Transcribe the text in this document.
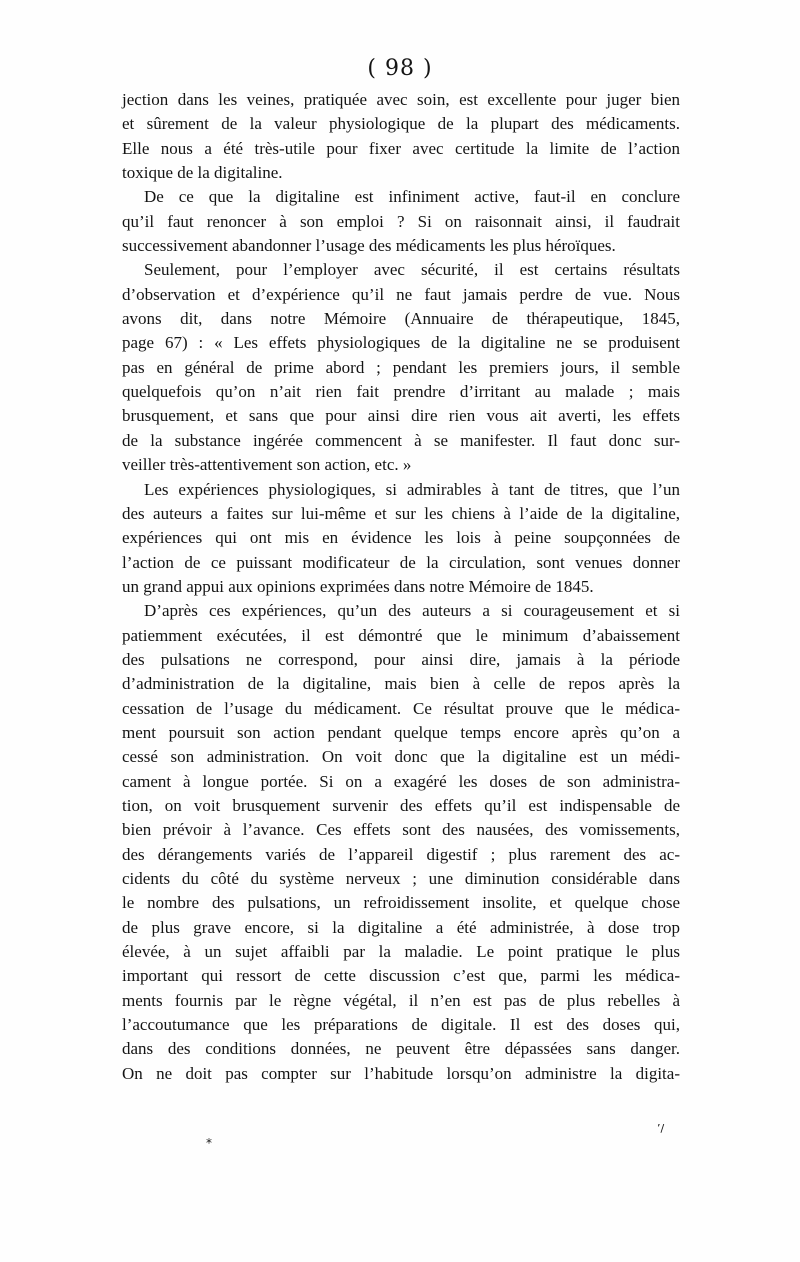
( 98 )
jection dans les veines, pratiquée avec soin, est excellente pour juger bien
et sûrement de la valeur physiologique de la plupart des médicaments.
Elle nous a été très-utile pour fixer avec certitude la limite de l’action
toxique de la digitaline.
De ce que la digitaline est infiniment active, faut-il en conclure
qu’il faut renoncer à son emploi ? Si on raisonnait ainsi, il faudrait
successivement abandonner l’usage des médicaments les plus héroïques.
Seulement, pour l’employer avec sécurité, il est certains résultats
d’observation et d’expérience qu’il ne faut jamais perdre de vue. Nous
avons dit, dans notre Mémoire (Annuaire de thérapeutique, 1845,
page 67) : « Les effets physiologiques de la digitaline ne se produisent
pas en général de prime abord ; pendant les premiers jours, il semble
quelquefois qu’on n’ait rien fait prendre d’irritant au malade ; mais
brusquement, et sans que pour ainsi dire rien vous ait averti, les effets
de la substance ingérée commencent à se manifester. Il faut donc sur-
veiller très-attentivement son action, etc. »
Les expériences physiologiques, si admirables à tant de titres, que l’un
des auteurs a faites sur lui-même et sur les chiens à l’aide de la digitaline,
expériences qui ont mis en évidence les lois à peine soupçonnées de
l’action de ce puissant modificateur de la circulation, sont venues donner
un grand appui aux opinions exprimées dans notre Mémoire de 1845.
D’après ces expériences, qu’un des auteurs a si courageusement et si
patiemment exécutées, il est démontré que le minimum d’abaissement
des pulsations ne correspond, pour ainsi dire, jamais à la période
d’administration de la digitaline, mais bien à celle de repos après la
cessation de l’usage du médicament. Ce résultat prouve que le médica-
ment poursuit son action pendant quelque temps encore après qu’on a
cessé son administration. On voit donc que la digitaline est un médi-
cament à longue portée. Si on a exagéré les doses de son administra-
tion, on voit brusquement survenir des effets qu’il est indispensable de
bien prévoir à l’avance. Ces effets sont des nausées, des vomissements,
des dérangements variés de l’appareil digestif ; plus rarement des ac-
cidents du côté du système nerveux ; une diminution considérable dans
le nombre des pulsations, un refroidissement insolite, et quelque chose
de plus grave encore, si la digitaline a été administrée, à dose trop
élevée, à un sujet affaibli par la maladie. Le point pratique le plus
important qui ressort de cette discussion c’est que, parmi les médica-
ments fournis par le règne végétal, il n’en est pas de plus rebelles à
l’accoutumance que les préparations de digitale. Il est des doses qui,
dans des conditions données, ne peuvent être dépassées sans danger.
On ne doit pas compter sur l’habitude lorsqu’on administre la digita-
’/
*
